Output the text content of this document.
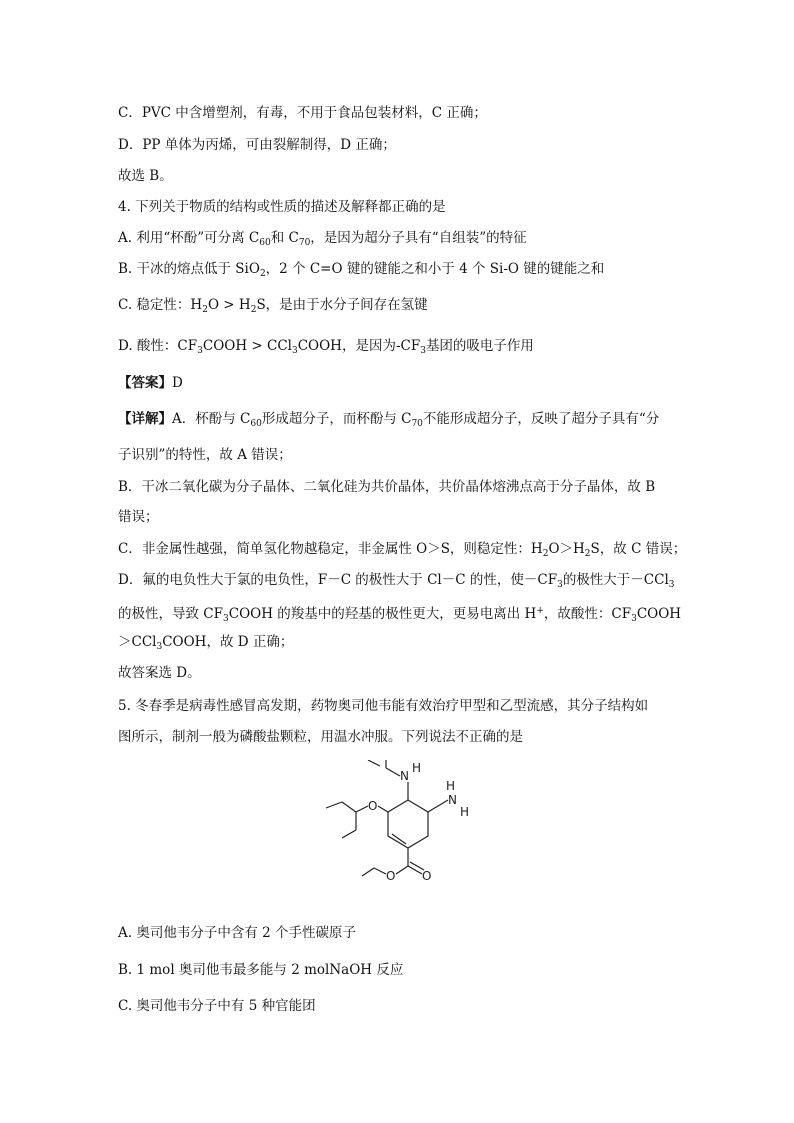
C．PVC 中含增塑剂，有毒，不用于食品包装材料，C 正确；
D．PP 单体为丙烯，可由裂解制得，D 正确；
故选 B。
4. 下列关于物质的结构或性质的描述及解释都正确的是
A. 利用“杯酚”可分离 $C_{60}$和 $C_{70}$，是因为超分子具有“自组装”的特征
B. 干冰的熔点低于 SiO$_2$，2 个 C=O 键的键能之和小于 4 个 Si-O 键的键能之和
C. 稳定性：$H_2O > H_2S$，是由于水分子间存在氢键
D. 酸性：$CF_3COOH$ > CCl$_3$COOH，是因为$-CF_3$基团的吸电子作用
【答案】D
【详解】A．杯酚与 $C_{60}$形成超分子，而杯酚与 $C_{70}$不能形成超分子，反映了超分子具有“分
子识别”的特性，故 A 错误；
B．干冰二氧化碳为分子晶体、二氧化硅为共价晶体，共价晶体熔沸点高于分子晶体，故 B
错误；
C．非金属性越强，简单氢化物越稳定，非金属性 O＞S，则稳定性：$H_2O>H_2S$，故 C 错误；
D．氟的电负性大于氯的电负性，F－C 的极性大于 Cl－C 的性，使$-CF_3$的极性大于－CCl$_3$
的极性，导致 $CF_3COOH$ 的羧基中的羟基的极性更大，更易电离出 H+，故酸性：$CF_3COOH$
＞CCl$_3$COOH，故 D 正确；
故答案选 D。
5. 冬春季是病毒性感冒高发期，药物奥司他韦能有效治疗甲型和乙型流感，其分子结构如
图所示，制剂一般为磷酸盐颗粒，用温水冲服。下列说法不正确的是
N
H
H
N
H
O
O
O
A. 奥司他韦分子中含有 2 个手性碳原子
B. 1 mol 奥司他韦最多能与 2 molNaOH 反应
C. 奥司他韦分子中有 5 种官能团
